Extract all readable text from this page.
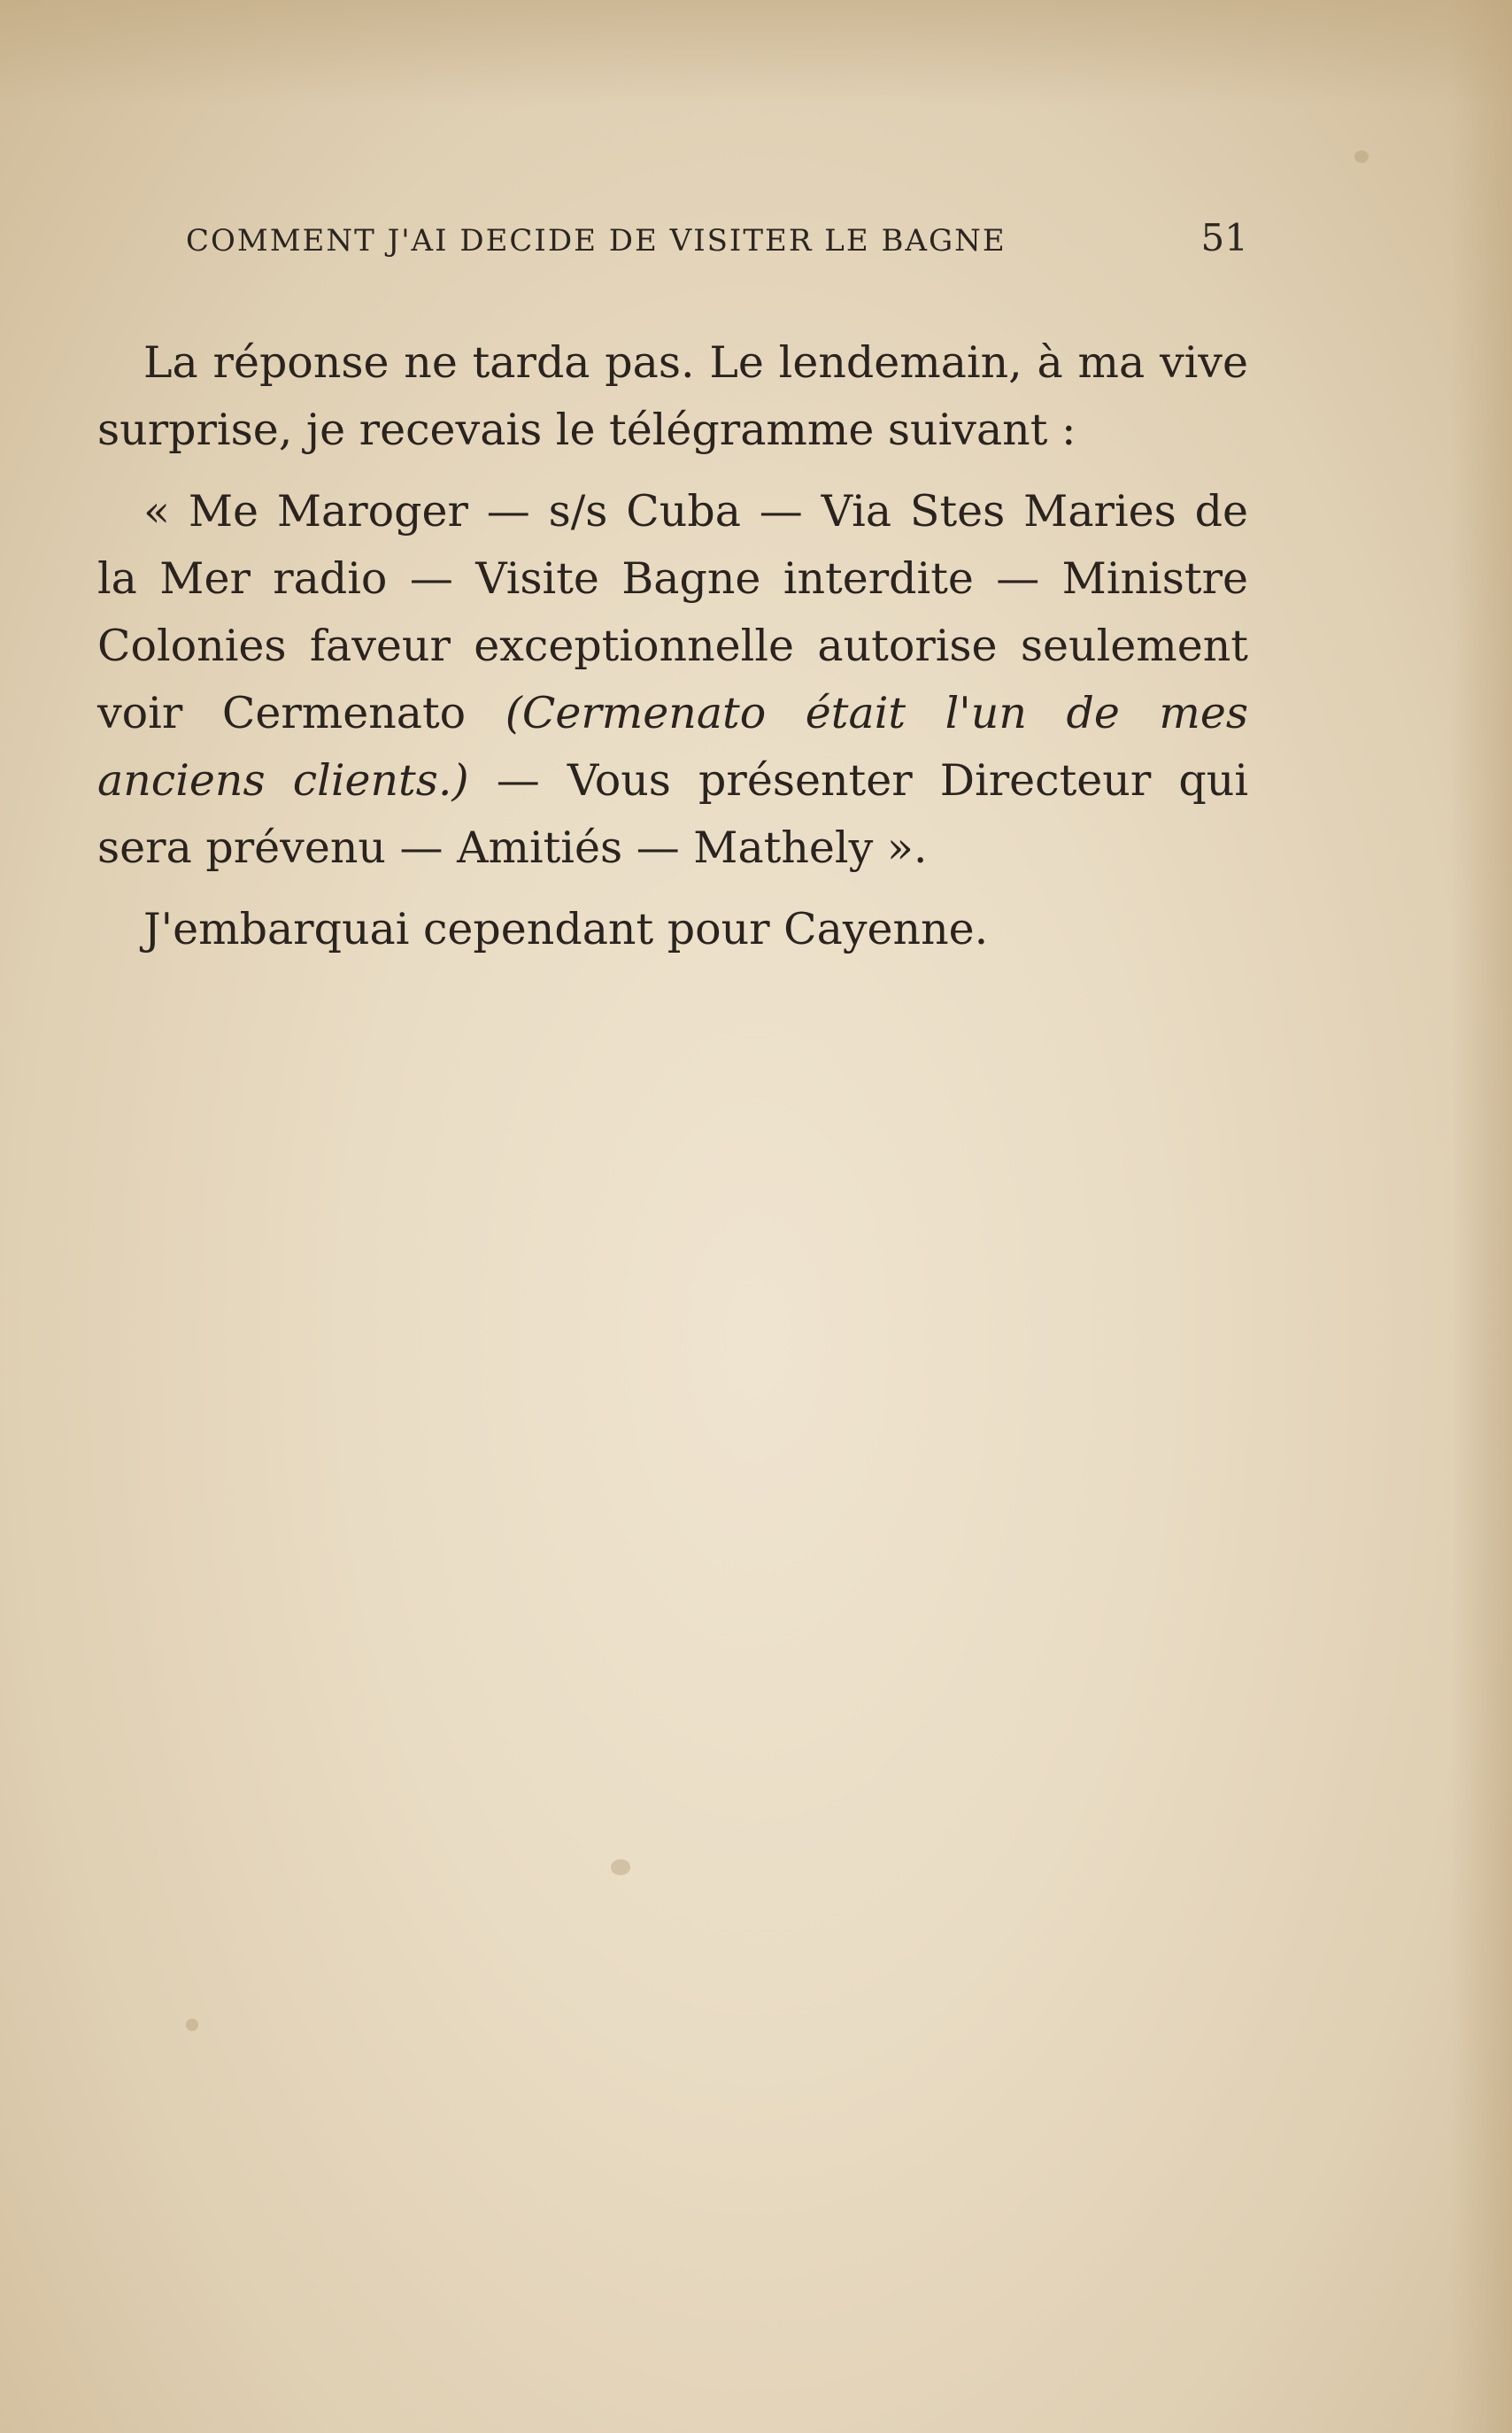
COMMENT J'AI DECIDE DE VISITER LE BAGNE	51

La réponse ne tarda pas. Le lendemain, à ma vive surprise, je recevais le télégramme suivant :

« Me Maroger — s/s Cuba — Via Stes Maries de la Mer radio — Visite Bagne interdite — Ministre Colonies faveur exceptionnelle autorise seulement voir Cermenato (Cermenato était l'un de mes anciens clients.) — Vous présenter Directeur qui sera prévenu — Amitiés — Mathely ».

J'embarquai cependant pour Cayenne.
